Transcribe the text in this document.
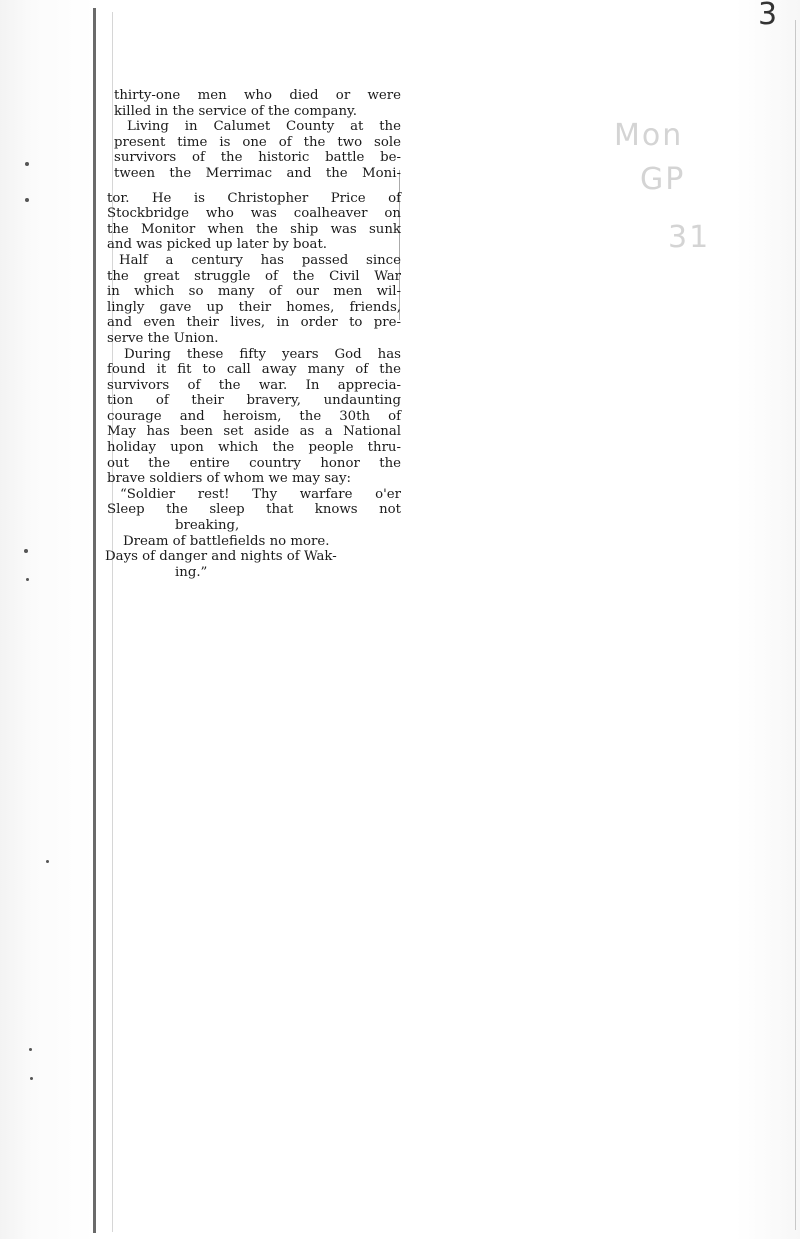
3
Mon
GP
31
thirty-one men who died or were
killed in the service of the company.
Living in Calumet County at the
present time is one of the two sole
survivors of the historic battle be-
tween the Merrimac and the Moni-
tor. He is Christopher Price of
Stockbridge who was coalheaver on
the Monitor when the ship was sunk
and was picked up later by boat.
Half a century has passed since
the great struggle of the Civil War
in which so many of our men wil-
lingly gave up their homes, friends,
and even their lives, in order to pre-
serve the Union.
During these fifty years God has
found it fit to call away many of the
survivors of the war. In apprecia-
tion of their bravery, undaunting
courage and heroism, the 30th of
May has been set aside as a National
holiday upon which the people thru-
out the entire country honor the
brave soldiers of whom we may say:
“Soldier rest! Thy warfare o'er
Sleep the sleep that knows not
breaking,
Dream of battlefields no more.
Days of danger and nights of Wak-
ing.”
